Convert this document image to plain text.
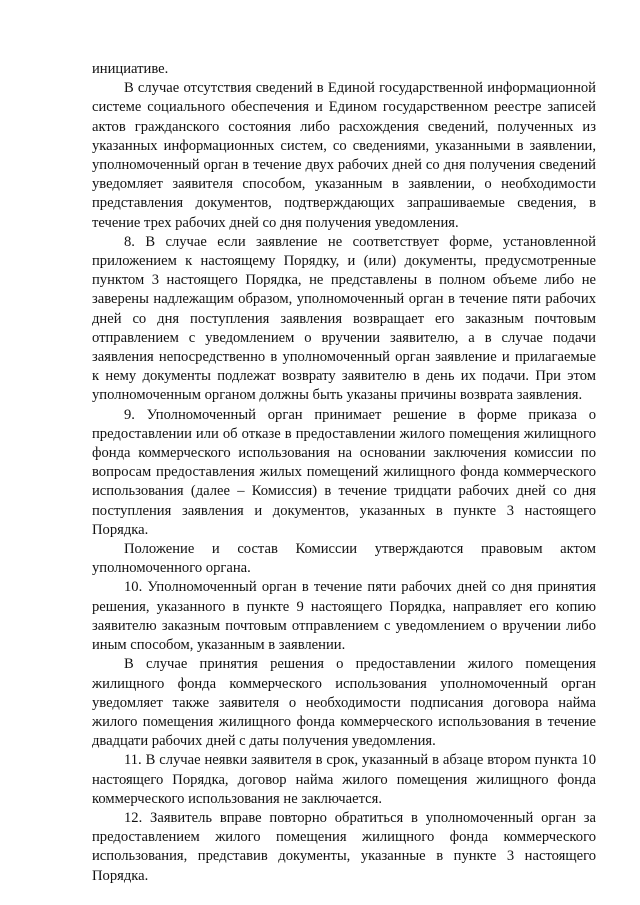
инициативе.

В случае отсутствия сведений в Единой государственной информационной системе социального обеспечения и Едином государственном реестре записей актов гражданского состояния либо расхождения сведений, полученных из указанных информационных систем, со сведениями, указанными в заявлении, уполномоченный орган в течение двух рабочих дней со дня получения сведений уведомляет заявителя способом, указанным в заявлении, о необходимости представления документов, подтверждающих запрашиваемые сведения, в течение трех рабочих дней со дня получения уведомления.

8. В случае если заявление не соответствует форме, установленной приложением к настоящему Порядку, и (или) документы, предусмотренные пунктом 3 настоящего Порядка, не представлены в полном объеме либо не заверены надлежащим образом, уполномоченный орган в течение пяти рабочих дней со дня поступления заявления возвращает его заказным почтовым отправлением с уведомлением о вручении заявителю, а в случае подачи заявления непосредственно в уполномоченный орган заявление и прилагаемые к нему документы подлежат возврату заявителю в день их подачи. При этом уполномоченным органом должны быть указаны причины возврата заявления.

9. Уполномоченный орган принимает решение в форме приказа о предоставлении или об отказе в предоставлении жилого помещения жилищного фонда коммерческого использования на основании заключения комиссии по вопросам предоставления жилых помещений жилищного фонда коммерческого использования (далее – Комиссия) в течение тридцати рабочих дней со дня поступления заявления и документов, указанных в пункте 3 настоящего Порядка.

Положение и состав Комиссии утверждаются правовым актом уполномоченного органа.

10. Уполномоченный орган в течение пяти рабочих дней со дня принятия решения, указанного в пункте 9 настоящего Порядка, направляет его копию заявителю заказным почтовым отправлением с уведомлением о вручении либо иным способом, указанным в заявлении.

В случае принятия решения о предоставлении жилого помещения жилищного фонда коммерческого использования уполномоченный орган уведомляет также заявителя о необходимости подписания договора найма жилого помещения жилищного фонда коммерческого использования в течение двадцати рабочих дней с даты получения уведомления.

11. В случае неявки заявителя в срок, указанный в абзаце втором пункта 10 настоящего Порядка, договор найма жилого помещения жилищного фонда коммерческого использования не заключается.

12. Заявитель вправе повторно обратиться в уполномоченный орган за предоставлением жилого помещения жилищного фонда коммерческого использования, представив документы, указанные в пункте 3 настоящего Порядка.
